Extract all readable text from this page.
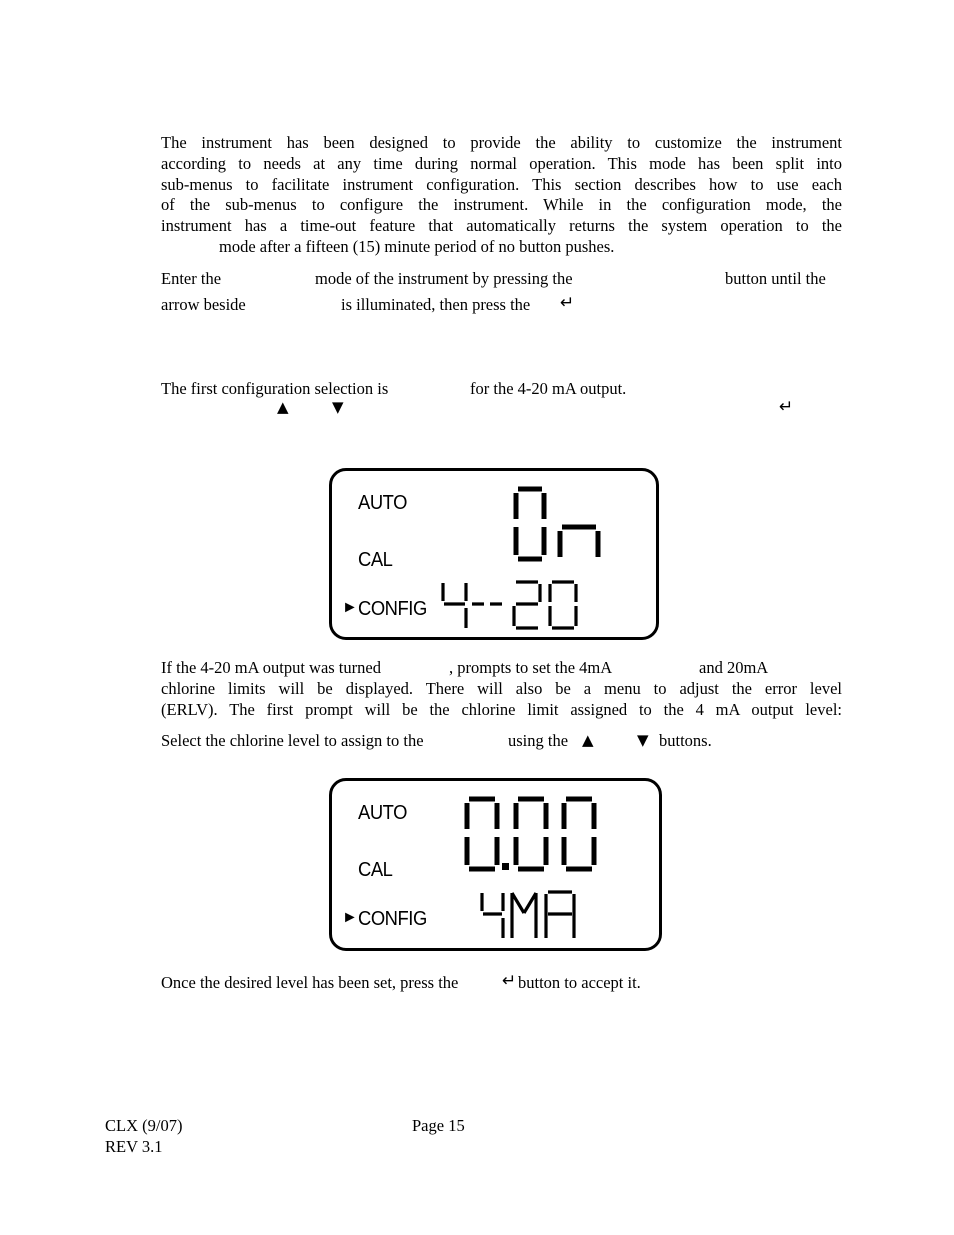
The instrument has been designed to provide the ability to customize the instrument
according to needs at any time during normal operation. This mode has been split into
sub-menus to facilitate instrument configuration. This section describes how to use each
of the sub-menus to configure the instrument. While in the configuration mode, the
instrument has a time-out feature that automatically returns the system operation to the
mode after a fifteen (15) minute period of no button pushes.
Enter the	mode of the instrument by pressing the	button until the
arrow beside	is illuminated, then press the ↵
The first configuration selection is	for the 4-20 mA output.
▲	▼	↵
AUTO
CAL
► CONFIG
If the 4-20 mA output was turned	, prompts to set the 4mA	and 20mA
chlorine limits will be displayed. There will also be a menu to adjust the error level
(ERLV). The first prompt will be the chlorine limit assigned to the 4 mA output level:
Select the chlorine level to assign to the	using the ▲	▼ buttons.
AUTO
CAL
► CONFIG
Once the desired level has been set, press the	↵ button to accept it.
CLX (9/07)
REV 3.1
Page 15
